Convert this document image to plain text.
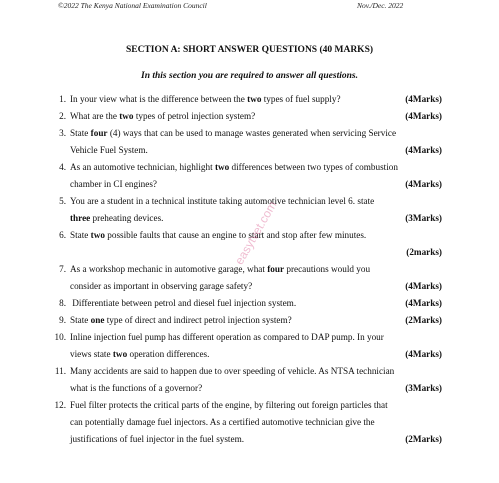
©2022 The Kenya National Examination Council	Nov./Dec. 2022
SECTION A: SHORT ANSWER QUESTIONS (40 MARKS)
In this section you are required to answer all questions.
1. In your view what is the difference between the two types of fuel supply?	(4Marks)
2. What are the two types of petrol injection system?	(4Marks)
3. State four (4) ways that can be used to manage wastes generated when servicing Service
Vehicle Fuel System.	(4Marks)
4. As an automotive technician, highlight two differences between two types of combustion
chamber in CI engines?	(4Marks)
5. You are a student in a technical institute taking automotive technician level 6. state
three preheating devices.	(3Marks)
6. State two possible faults that cause an engine to start and stop after few minutes.
(2marks)
7. As a workshop mechanic in automotive garage, what four precautions would you
consider as important in observing garage safety?	(4Marks)
8. Differentiate between petrol and diesel fuel injection system.	(4Marks)
9. State one type of direct and indirect petrol injection system?	(2Marks)
10. Inline injection fuel pump has different operation as compared to DAP pump. In your
views state two operation differences.	(4Marks)
11. Many accidents are said to happen due to over speeding of vehicle. As NTSA technician
what is the functions of a governor?	(3Marks)
12. Fuel filter protects the critical parts of the engine, by filtering out foreign particles that
can potentially damage fuel injectors. As a certified automotive technician give the
justifications of fuel injector in the fuel system.	(2Marks)
easytvet.com
